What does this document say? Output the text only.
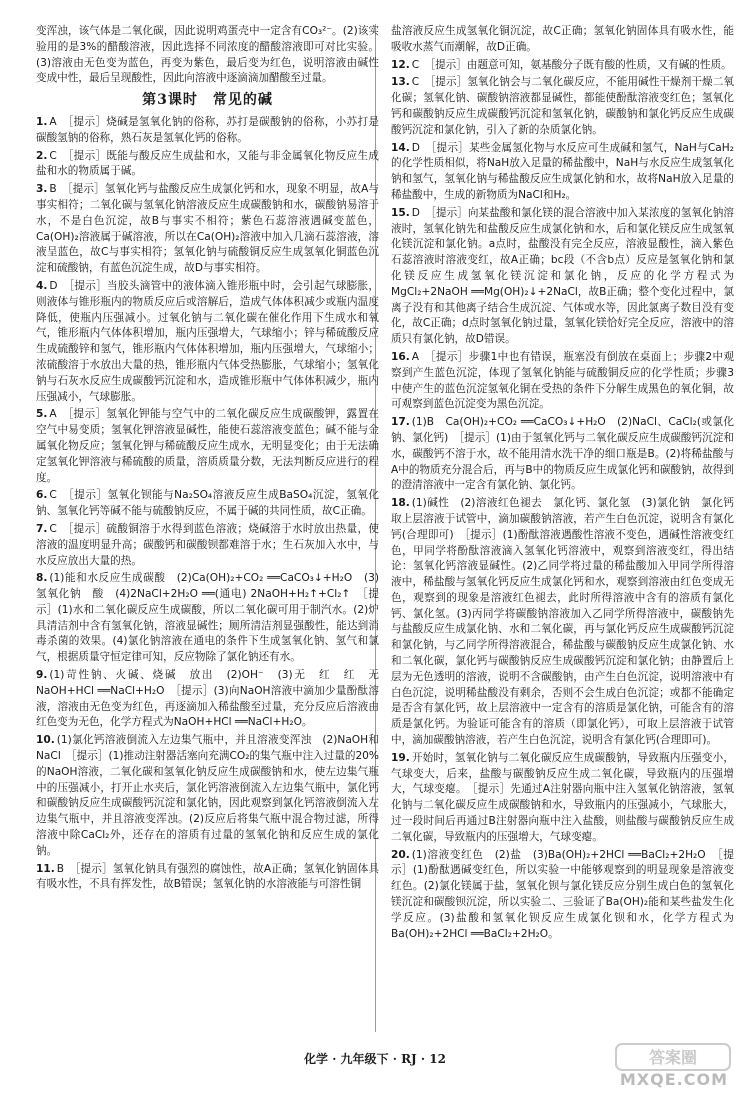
变浑浊，该气体是二氧化碳，因此说明鸡蛋壳中一定含有CO₃²⁻。(2)该实验用的是3%的醋酸溶液，因此选择不同浓度的醋酸溶液即可对比实验。(3)溶液由无色变为蓝色，再变为紫色，最后变为红色，说明溶液由碱性变成中性，最后呈现酸性，因此向溶液中逐滴滴加醋酸至过量。

第3课时　常见的碱

1. A　［提示］烧碱是氢氧化钠的俗称，苏打是碳酸钠的俗称，小苏打是碳酸氢钠的俗称，熟石灰是氢氧化钙的俗称。

2. C　［提示］既能与酸反应生成盐和水，又能与非金属氧化物反应生成盐和水的物质属于碱。

3. B　［提示］氢氧化钙与盐酸反应生成氯化钙和水，现象不明显，故A与事实相符；二氧化碳与氢氧化钠溶液反应生成碳酸钠和水，碳酸钠易溶于水，不是白色沉淀，故B与事实不相符；紫色石蕊溶液遇碱变蓝色，Ca(OH)₂溶液属于碱溶液，所以在Ca(OH)₂溶液中加入几滴石蕊溶液，溶液呈蓝色，故C与事实相符；氢氧化钠与硫酸铜反应生成氢氧化铜蓝色沉淀和硫酸钠，有蓝色沉淀生成，故D与事实相符。

4. D　［提示］当胶头滴管中的液体滴入锥形瓶中时，会引起气球膨胀，则液体与锥形瓶内的物质反应后或溶解后，造成气体体积减少或瓶内温度降低，使瓶内压强减小。过氧化钠与二氧化碳在催化作用下生成水和氧气，锥形瓶内气体体积增加，瓶内压强增大，气球缩小；锌与稀硫酸反应生成硫酸锌和氢气，锥形瓶内气体体积增加，瓶内压强增大，气球缩小；浓硫酸溶于水放出大量的热，锥形瓶内气体受热膨胀，气球缩小；氢氧化钠与石灰水反应生成碳酸钙沉淀和水，造成锥形瓶中气体体积减少，瓶内压强减小，气球膨胀。

5. A　［提示］氢氧化钾能与空气中的二氧化碳反应生成碳酸钾，露置在空气中易变质；氢氧化钾溶液显碱性，能使石蕊溶液变蓝色；碱不能与金属氧化物反应；氢氧化钾与稀硫酸反应生成水，无明显变化；由于无法确定氢氧化钾溶液与稀硫酸的质量，溶质质量分数，无法判断反应进行的程度。

6. C　［提示］氢氧化钡能与Na₂SO₄溶液反应生成BaSO₄沉淀，氢氧化钠、氢氧化钙等碱不能与硫酸钠反应，不属于碱的共同性质，故C正确。

7. C　［提示］硫酸铜溶于水得到蓝色溶液；烧碱溶于水时放出热量，使溶液的温度明显升高；碳酸钙和碳酸钡都难溶于水；生石灰加入水中，与水反应放出大量的热。

8. (1)能和水反应生成碳酸　(2)Ca(OH)₂+CO₂ ══CaCO₃↓+H₂O　(3)氢氧化钠　酸　(4)2NaCl+2H₂O ══(通电) 2NaOH+H₂↑+Cl₂↑　［提示］(1)水和二氧化碳反应生成碳酸，所以二氧化碳可用于制汽水。(2)炉具清洁剂中含有氢氧化钠，溶液显碱性；厕所清洁剂显强酸性，能达到消毒杀菌的效果。(4)氯化钠溶液在通电的条件下生成氢氧化钠、氢气和氯气，根据质量守恒定律可知，反应物除了氯化钠还有水。

9. (1)苛性钠、火碱、烧碱　放出　(2)OH⁻　(3)无　红　红　无　NaOH+HCl ══NaCl+H₂O　［提示］(3)向NaOH溶液中滴加少量酚酞溶液，溶液由无色变为红色，再逐滴加入稀盐酸至过量，充分反应后溶液由红色变为无色，化学方程式为NaOH+HCl ══NaCl+H₂O。

10. (1)氯化钙溶液倒流入左边集气瓶中，并且溶液变浑浊　(2)NaOH和NaCl　［提示］(1)推动注射器活塞向充满CO₂的集气瓶中注入过量的20%的NaOH溶液，二氧化碳和氢氧化钠反应生成碳酸钠和水，使左边集气瓶中的压强减小，打开止水夹后，氯化钙溶液倒流入左边集气瓶中，氯化钙和碳酸钠反应生成碳酸钙沉淀和氯化钠，因此观察到氯化钙溶液倒流入左边集气瓶中，并且溶液变浑浊。(2)反应后将集气瓶中混合物过滤，所得溶液中除CaCl₂外，还存在的溶质有过量的氢氧化钠和反应生成的氯化钠。

11. B　［提示］氢氧化钠具有强烈的腐蚀性，故A正确；氢氧化钠固体具有吸水性，不具有挥发性，故B错误；氢氧化钠的水溶液能与可溶性铜

盐溶液反应生成氢氧化铜沉淀，故C正确；氢氧化钠固体具有吸水性，能吸收水蒸气而潮解，故D正确。

12. C　［提示］由题意可知，氨基酸分子既有酸的性质，又有碱的性质。

13. C　［提示］氢氧化钠会与二氧化碳反应，不能用碱性干燥剂干燥二氧化碳；氢氧化钠、碳酸钠溶液都显碱性，都能使酚酞溶液变红色；氢氧化钙和碳酸钠反应生成碳酸钙沉淀和氢氧化钠，碳酸钠和氯化钙反应生成碳酸钙沉淀和氯化钠，引入了新的杂质氯化钠。

14. D　［提示］某些金属氢化物与水反应可生成碱和氢气，NaH与CaH₂的化学性质相似，将NaH放入足量的稀盐酸中，NaH与水反应生成氢氧化钠和氢气，氢氧化钠与稀盐酸反应生成氯化钠和水，故将NaH放入足量的稀盐酸中，生成的新物质为NaCl和H₂。

15. D　［提示］向某盐酸和氯化镁的混合溶液中加入某浓度的氢氧化钠溶液时，氢氧化钠先和盐酸反应生成氯化钠和水，后和氯化镁反应生成氢氧化镁沉淀和氯化钠。a点时，盐酸没有完全反应，溶液显酸性，滴入紫色石蕊溶液时溶液变红，故A正确；bc段（不含b点）反应是氢氧化钠和氯化镁反应生成氢氧化镁沉淀和氯化钠，反应的化学方程式为MgCl₂+2NaOH ══Mg(OH)₂↓+2NaCl，故B正确；整个变化过程中，氯离子没有和其他离子结合生成沉淀、气体或水等，因此氯离子数目没有变化，故C正确；d点时氢氧化钠过量，氢氧化镁恰好完全反应，溶液中的溶质只有氯化钠，故D错误。

16. A　［提示］步骤1中也有错误，瓶塞没有倒放在桌面上；步骤2中观察到产生蓝色沉淀，体现了氢氧化钠能与硫酸铜反应的化学性质；步骤3中使产生的蓝色沉淀氢氧化铜在受热的条件下分解生成黑色的氧化铜，故可观察到蓝色沉淀变为黑色沉淀。

17. (1)B　Ca(OH)₂+CO₂ ══CaCO₃↓+H₂O　(2)NaCl、CaCl₂(或氯化钠、氯化钙)　［提示］(1)由于氢氧化钙与二氧化碳反应生成碳酸钙沉淀和水，碳酸钙不溶于水，故不能用清水洗干净的细口瓶是B。(2)将稀盐酸与A中的物质充分混合后，再与B中的物质反应生成氯化钙和碳酸钠，故得到的澄清溶液中一定含有氯化钠、氯化钙。

18. (1)碱性　(2)溶液红色褪去　氯化钙、氯化氢　(3)氯化钠　氯化钙　取上层溶液于试管中，滴加碳酸钠溶液，若产生白色沉淀，说明含有氯化钙(合理即可)　［提示］(1)酚酞溶液遇酸性溶液不变色，遇碱性溶液变红色，甲同学将酚酞溶液滴入氢氧化钙溶液中，观察到溶液变红，得出结论：氢氧化钙溶液显碱性。(2)乙同学将过量的稀盐酸加入甲同学所得溶液中，稀盐酸与氢氧化钙反应生成氯化钙和水，观察到溶液由红色变成无色，观察到的现象是溶液红色褪去，此时所得溶液中含有的溶质有氯化钙、氯化氢。(3)丙同学将碳酸钠溶液加入乙同学所得溶液中，碳酸钠先与盐酸反应生成氯化钠、水和二氧化碳，再与氯化钙反应生成碳酸钙沉淀和氯化钠，与乙同学所得溶液混合，稀盐酸与碳酸钠反应生成氯化钠、水和二氧化碳，氯化钙与碳酸钠反应生成碳酸钙沉淀和氯化钠；由静置后上层为无色透明的溶液，说明不含碳酸钠，由产生白色沉淀，说明溶液中有白色沉淀，说明稀盐酸没有剩余，否则不会生成白色沉淀；或都不能确定是否含有氯化钙，故上层溶液中一定含有的溶质是氯化钠，可能含有的溶质是氯化钙。为验证可能含有的溶质（即氯化钙），可取上层溶液于试管中，滴加碳酸钠溶液，若产生白色沉淀，说明含有氯化钙(合理即可)。

19. 开始时，氢氧化钠与二氧化碳反应生成碳酸钠，导致瓶内压强变小，气球变大，后来，盐酸与碳酸钠反应生成二氧化碳，导致瓶内的压强增大，气球变瘪。　［提示］先通过A注射器向瓶中注入氢氧化钠溶液，氢氧化钠与二氧化碳反应生成碳酸钠和水，导致瓶内的压强减小，气球胀大，过一段时间后再通过B注射器向瓶中注入盐酸，则盐酸与碳酸钠反应生成二氧化碳，导致瓶内的压强增大，气球变瘪。

20. (1)溶液变红色　(2)盐　(3)Ba(OH)₂+2HCl ══BaCl₂+2H₂O　［提示］(1)酚酞遇碱变红色，所以实验一中能够观察到的明显现象是溶液变红色。(2)氯化镁属于盐，氢氧化钡与氯化镁反应分别生成白色的氢氧化镁沉淀和碳酸钡沉淀，所以实验二、三验证了Ba(OH)₂能和某些盐发生化学反应。(3)盐酸和氢氧化钡反应生成氯化钡和水，化学方程式为Ba(OH)₂+2HCl ══BaCl₂+2H₂O。

化学 · 九年级下 · RJ · 12	答案圈
MXQE.COM
